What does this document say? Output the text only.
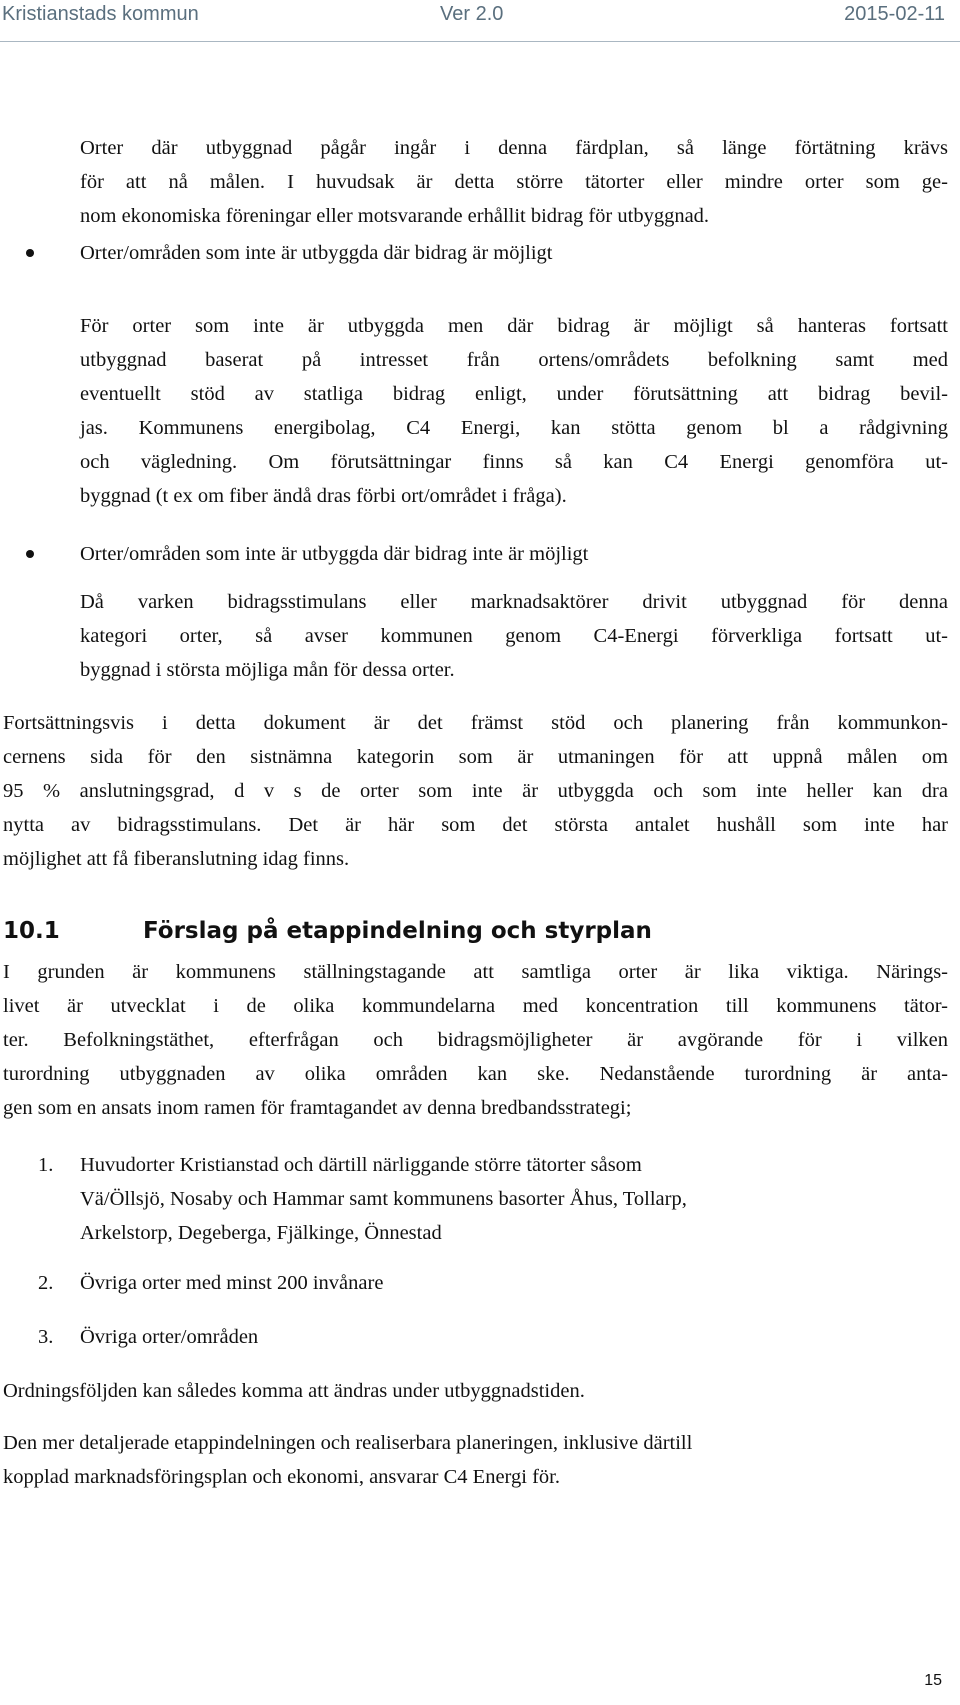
Kristianstads kommun	Ver 2.0	2015-02-11
Orter där utbyggnad pågår ingår i denna färdplan, så länge förtätning krävs
för att nå målen. I huvudsak är detta större tätorter eller mindre orter som ge-
nom ekonomiska föreningar eller motsvarande erhållit bidrag för utbyggnad.
Orter/områden som inte är utbyggda där bidrag är möjligt
För orter som inte är utbyggda men där bidrag är möjligt så hanteras fortsatt
utbyggnad baserat på intresset från ortens/områdets befolkning samt med
eventuellt stöd av statliga bidrag enligt, under förutsättning att bidrag bevil-
jas. Kommunens energibolag, C4 Energi, kan stötta genom bl a rådgivning
och vägledning. Om förutsättningar finns så kan C4 Energi genomföra ut-
byggnad (t ex om fiber ändå dras förbi ort/området i fråga).
Orter/områden som inte är utbyggda där bidrag inte är möjligt
Då varken bidragsstimulans eller marknadsaktörer drivit utbyggnad för denna
kategori orter, så avser kommunen genom C4-Energi förverkliga fortsatt ut-
byggnad i största möjliga mån för dessa orter.
Fortsättningsvis i detta dokument är det främst stöd och planering från kommunkon-
cernens sida för den sistnämna kategorin som är utmaningen för att uppnå målen om
95 % anslutningsgrad, d v s de orter som inte är utbyggda och som inte heller kan dra
nytta av bidragsstimulans. Det är här som det största antalet hushåll som inte har
möjlighet att få fiberanslutning idag finns.
10.1	Förslag på etappindelning och styrplan
I grunden är kommunens ställningstagande att samtliga orter är lika viktiga. Närings-
livet är utvecklat i de olika kommundelarna med koncentration till kommunens tätor-
ter. Befolkningstäthet, efterfrågan och bidragsmöjligheter är avgörande för i vilken
turordning utbyggnaden av olika områden kan ske. Nedanstående turordning är anta-
gen som en ansats inom ramen för framtagandet av denna bredbandsstrategi;
1. Huvudorter Kristianstad och därtill närliggande större tätorter såsom
Vä/Öllsjö, Nosaby och Hammar samt kommunens basorter Åhus, Tollarp,
Arkelstorp, Degeberga, Fjälkinge, Önnestad
2. Övriga orter med minst 200 invånare
3. Övriga orter/områden
Ordningsföljden kan således komma att ändras under utbyggnadstiden.
Den mer detaljerade etappindelningen och realiserbara planeringen, inklusive därtill
kopplad marknadsföringsplan och ekonomi, ansvarar C4 Energi för.
15
